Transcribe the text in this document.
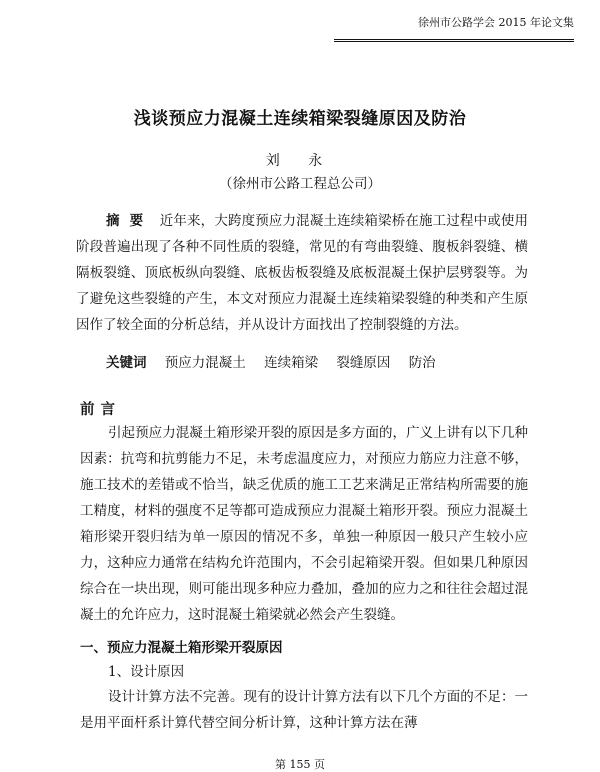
徐州市公路学会 2015 年论文集
浅谈预应力混凝土连续箱梁裂缝原因及防治
刘 永
（徐州市公路工程总公司）
摘要 近年来，大跨度预应力混凝土连续箱梁桥在施工过程中或使用阶段普遍出现了各种不同性质的裂缝，常见的有弯曲裂缝、腹板斜裂缝、横隔板裂缝、顶底板纵向裂缝、底板齿板裂缝及底板混凝土保护层劈裂等。为了避免这些裂缝的产生，本文对预应力混凝土连续箱梁裂缝的种类和产生原因作了较全面的分析总结，并从设计方面找出了控制裂缝的方法。
关键词 预应力混凝土 连续箱梁 裂缝原因 防治
前言
引起预应力混凝土箱形梁开裂的原因是多方面的，广义上讲有以下几种因素：抗弯和抗剪能力不足，未考虑温度应力，对预应力筋应力注意不够，施工技术的差错或不恰当，缺乏优质的施工工艺来满足正常结构所需要的施工精度，材料的强度不足等都可造成预应力混凝土箱形开裂。预应力混凝土箱形梁开裂归结为单一原因的情况不多，单独一种原因一般只产生较小应力，这种应力通常在结构允许范围内，不会引起箱梁开裂。但如果几种原因综合在一块出现，则可能出现多种应力叠加，叠加的应力之和往往会超过混凝土的允许应力，这时混凝土箱梁就必然会产生裂缝。
一、预应力混凝土箱形梁开裂原因
1、设计原因
设计计算方法不完善。现有的设计计算方法有以下几个方面的不足：一是用平面杆系计算代替空间分析计算，这种计算方法在薄
第 155 页
